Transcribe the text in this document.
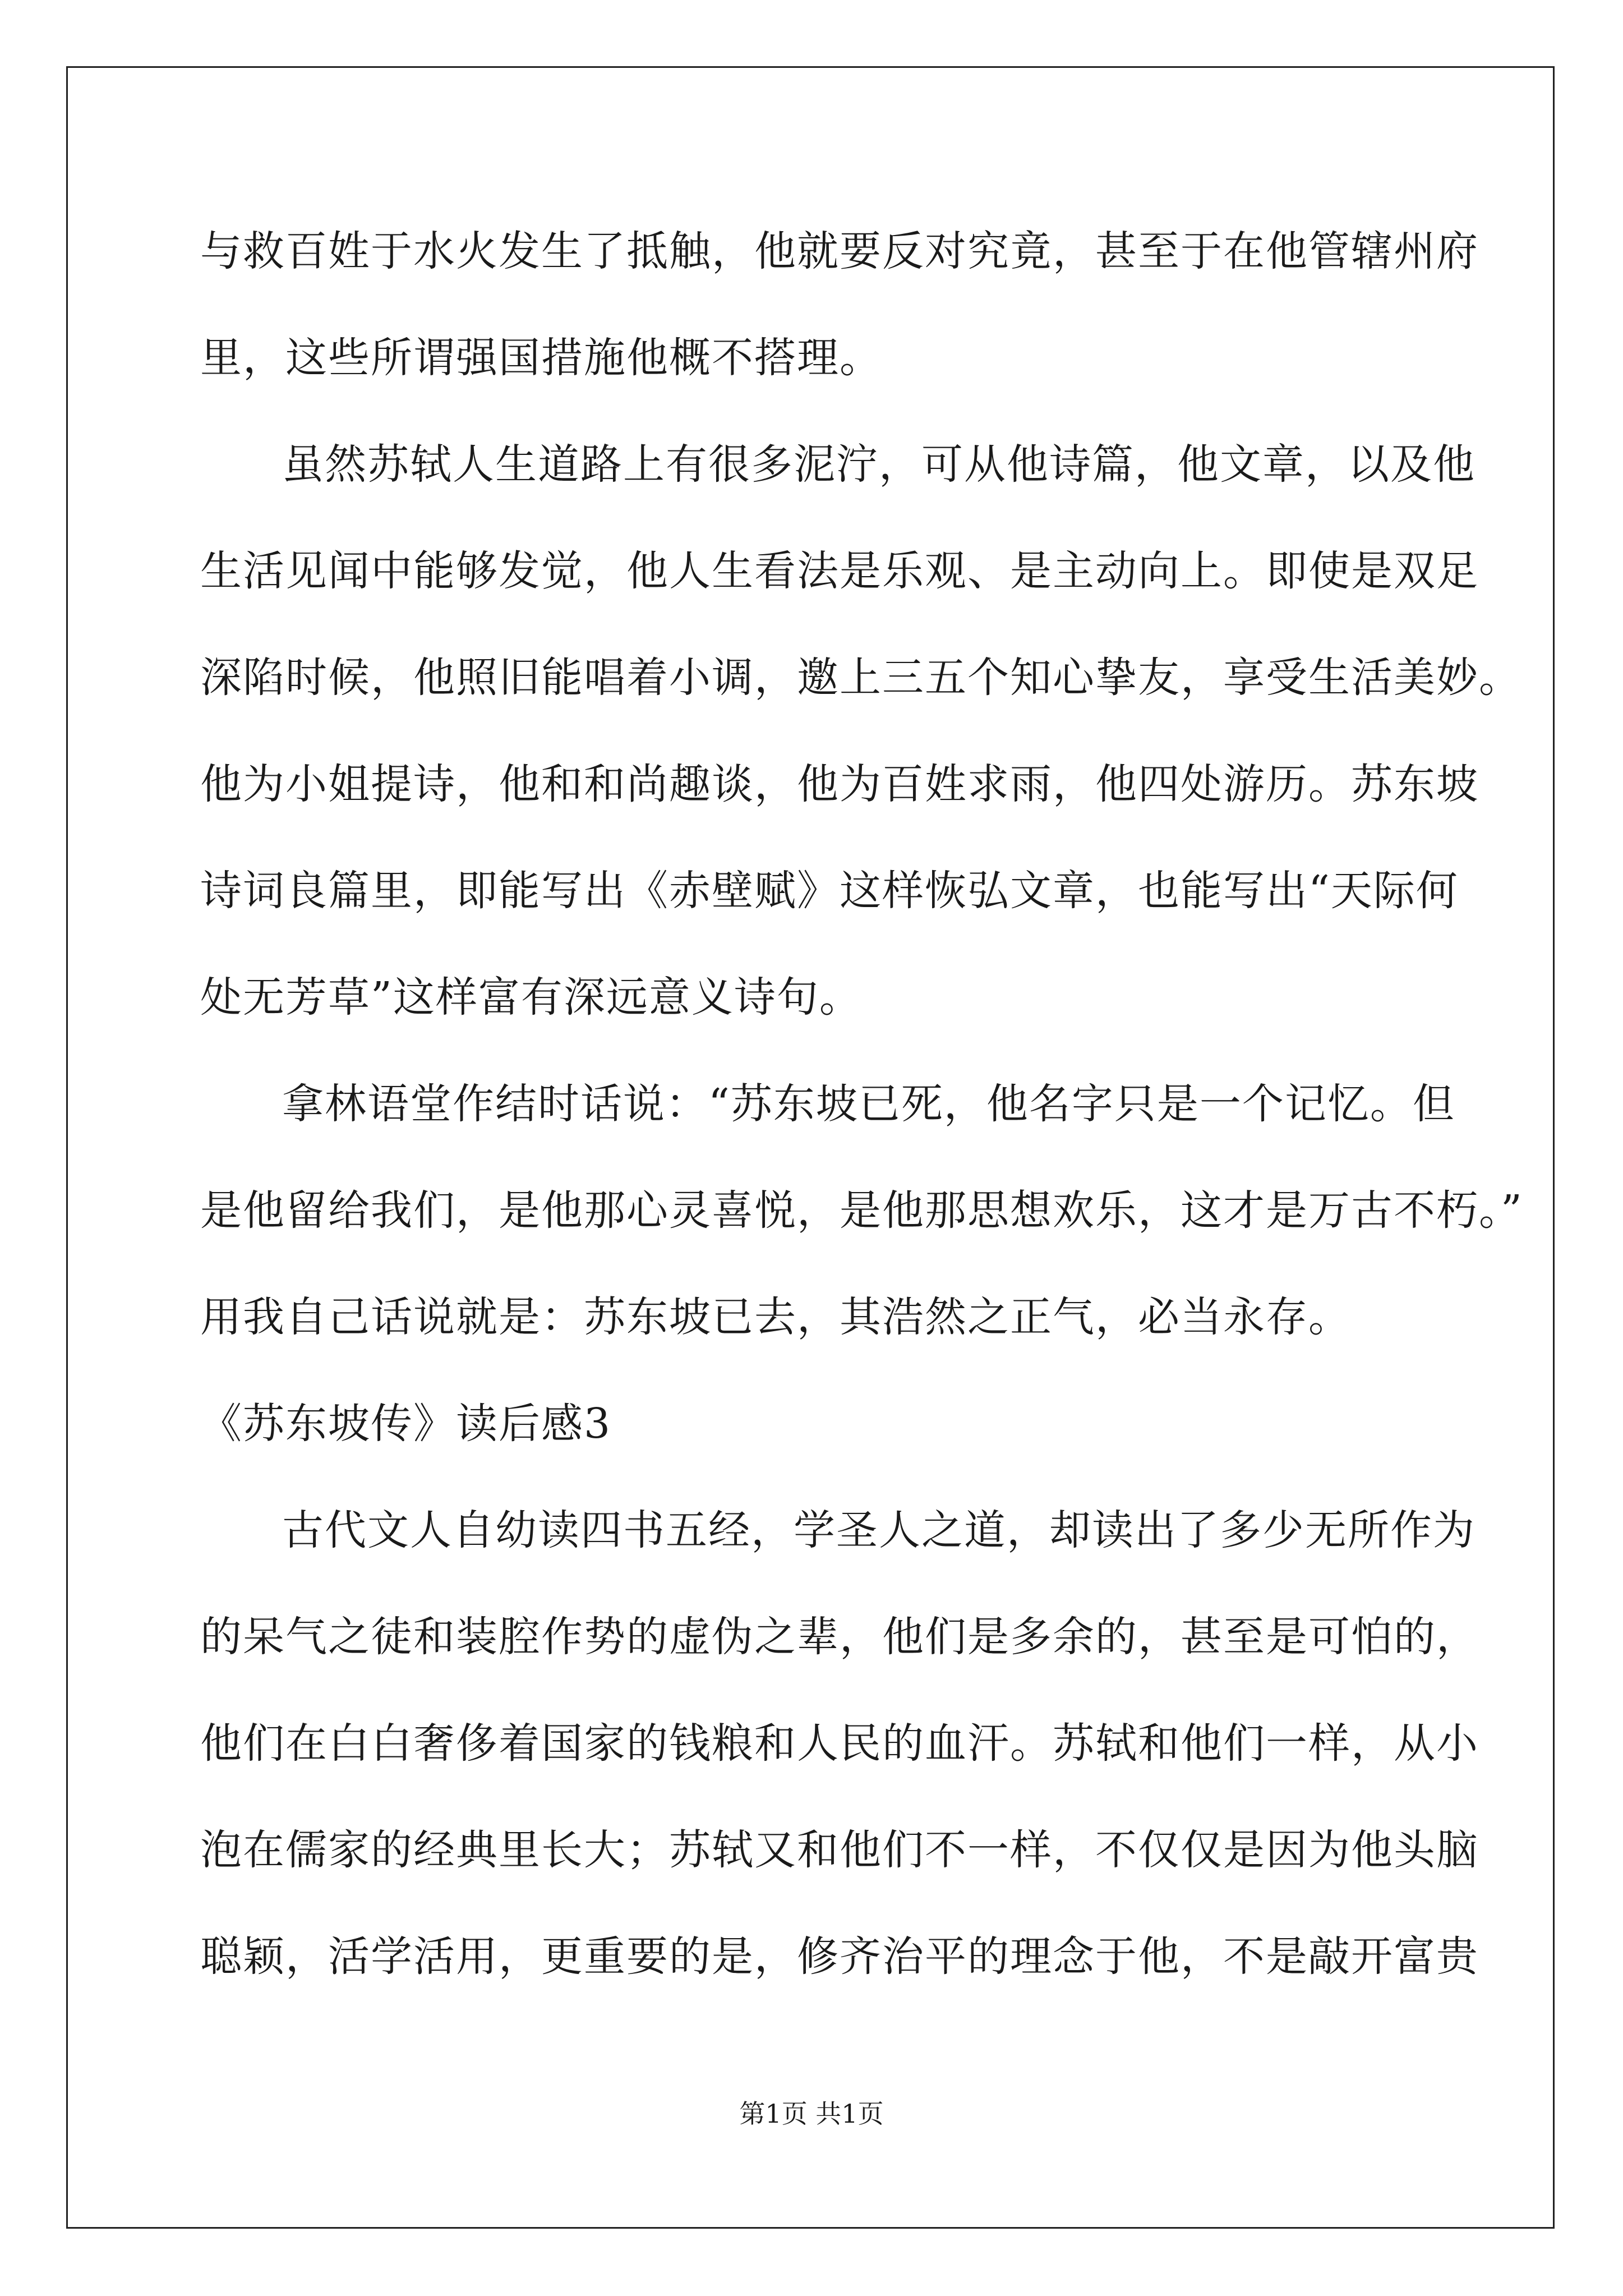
与救百姓于水火发生了抵触，他就要反对究竟，甚至于在他管辖州府
里，这些所谓强国措施他概不搭理。
虽然苏轼人生道路上有很多泥泞，可从他诗篇，他文章，以及他
生活见闻中能够发觉，他人生看法是乐观、是主动向上。即使是双足
深陷时候，他照旧能唱着小调，邀上三五个知心挚友，享受生活美妙。
他为小姐提诗，他和和尚趣谈，他为百姓求雨，他四处游历。苏东坡
诗词良篇里，即能写出《赤壁赋》这样恢弘文章，也能写出“天际何
处无芳草”这样富有深远意义诗句。
拿林语堂作结时话说：“苏东坡已死，他名字只是一个记忆。但
是他留给我们，是他那心灵喜悦，是他那思想欢乐，这才是万古不朽。”
用我自己话说就是：苏东坡已去，其浩然之正气，必当永存。
《苏东坡传》读后感3
古代文人自幼读四书五经，学圣人之道，却读出了多少无所作为
的呆气之徒和装腔作势的虚伪之辈，他们是多余的，甚至是可怕的，
他们在白白奢侈着国家的钱粮和人民的血汗。苏轼和他们一样，从小
泡在儒家的经典里长大；苏轼又和他们不一样，不仅仅是因为他头脑
聪颖，活学活用，更重要的是，修齐治平的理念于他，不是敲开富贵
第1页 共1页
